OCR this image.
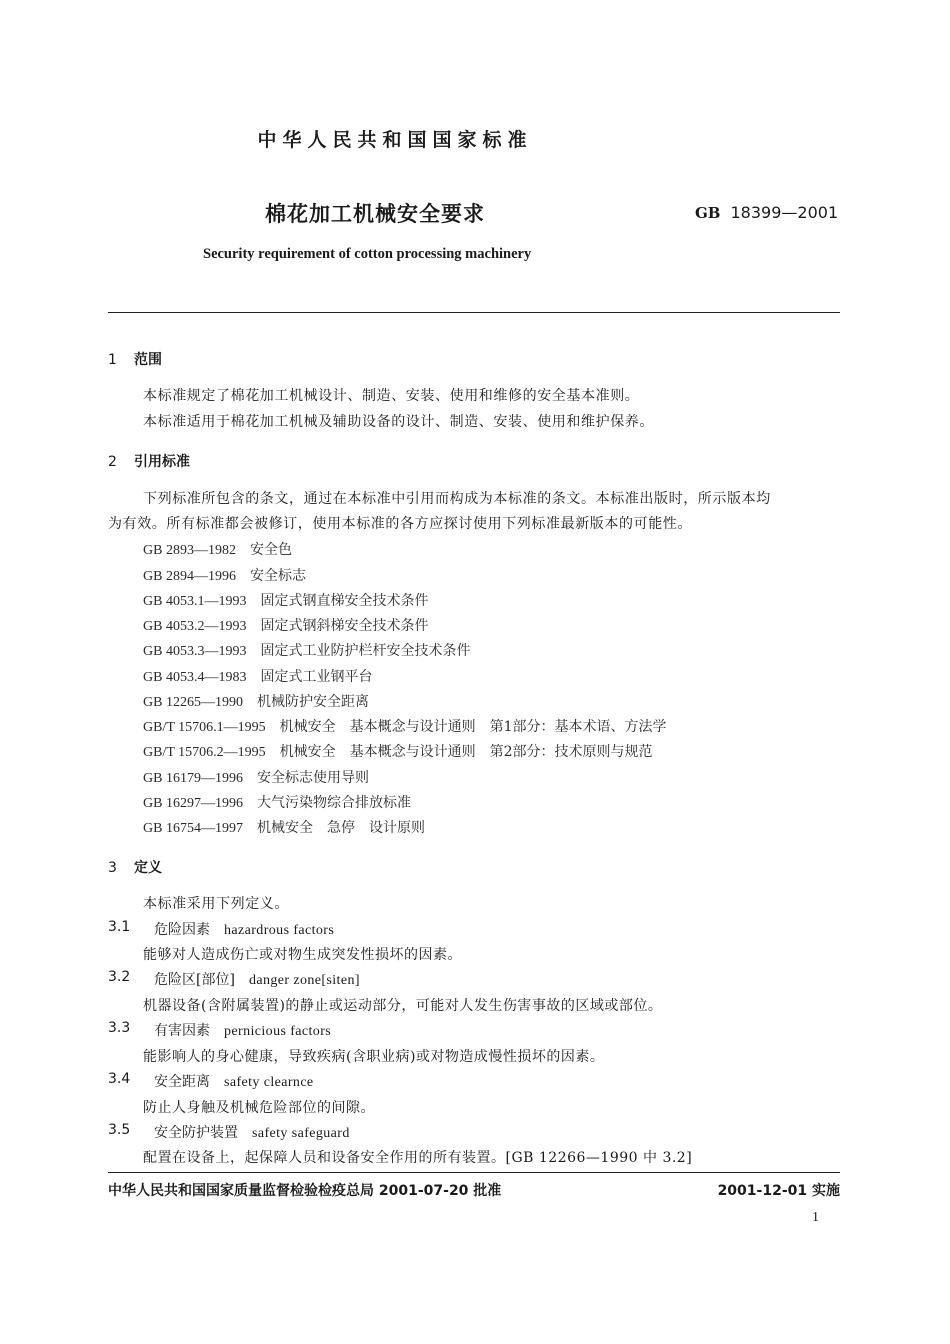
中华人民共和国国家标准
棉花加工机械安全要求	GB 18399—2001
Security requirement of cotton processing machinery
1 范围
本标准规定了棉花加工机械设计、制造、安装、使用和维修的安全基本准则。
本标准适用于棉花加工机械及辅助设备的设计、制造、安装、使用和维护保养。
2 引用标准
下列标准所包含的条文，通过在本标准中引用而构成为本标准的条文。本标准出版时，所示版本均
为有效。所有标准都会被修订，使用本标准的各方应探讨使用下列标准最新版本的可能性。
GB 2893—1982 安全色
GB 2894—1996 安全标志
GB 4053.1—1993 固定式钢直梯安全技术条件
GB 4053.2—1993 固定式钢斜梯安全技术条件
GB 4053.3—1993 固定式工业防护栏杆安全技术条件
GB 4053.4—1983 固定式工业钢平台
GB 12265—1990 机械防护安全距离
GB/T 15706.1—1995 机械安全　基本概念与设计通则　第1部分：基本术语、方法学
GB/T 15706.2—1995 机械安全　基本概念与设计通则　第2部分：技术原则与规范
GB 16179—1996 安全标志使用导则
GB 16297—1996 大气污染物综合排放标准
GB 16754—1997 机械安全　急停　设计原则
3 定义
本标准采用下列定义。
3.1 危险因素 hazardrous factors
能够对人造成伤亡或对物生成突发性损坏的因素。
3.2 危险区[部位] danger zone[siten]
机器设备(含附属装置)的静止或运动部分，可能对人发生伤害事故的区域或部位。
3.3 有害因素 pernicious factors
能影响人的身心健康，导致疾病(含职业病)或对物造成慢性损坏的因素。
3.4 安全距离 safety clearnce
防止人身触及机械危险部位的间隙。
3.5 安全防护装置 safety safeguard
配置在设备上，起保障人员和设备安全作用的所有装置。[GB 12266—1990 中 3.2]
中华人民共和国国家质量监督检验检疫总局 2001-07-20 批准	2001-12-01 实施
1
